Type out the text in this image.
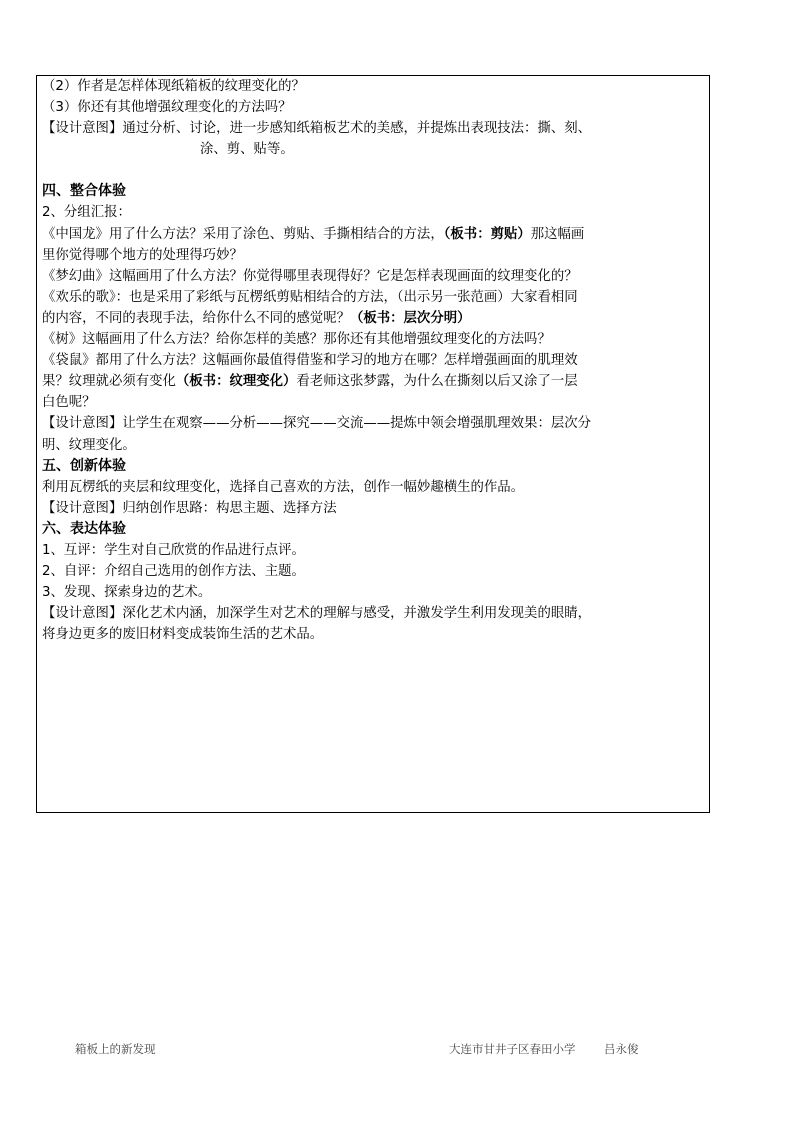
（2）作者是怎样体现纸箱板的纹理变化的？
（3）你还有其他增强纹理变化的方法吗？
【设计意图】通过分析、讨论，进一步感知纸箱板艺术的美感，并提炼出表现技法：撕、刻、
涂、剪、贴等。
四、整合体验
2、分组汇报：
《中国龙》用了什么方法？采用了涂色、剪贴、手撕相结合的方法，（板书：剪贴）那这幅画
里你觉得哪个地方的处理得巧妙？
《梦幻曲》这幅画用了什么方法？你觉得哪里表现得好？它是怎样表现画面的纹理变化的？
《欢乐的歌》：也是采用了彩纸与瓦楞纸剪贴相结合的方法，（出示另一张范画）大家看相同
的内容，不同的表现手法，给你什么不同的感觉呢？（板书：层次分明）
《树》这幅画用了什么方法？给你怎样的美感？那你还有其他增强纹理变化的方法吗？
《袋鼠》都用了什么方法？这幅画你最值得借鉴和学习的地方在哪？怎样增强画面的肌理效
果？纹理就必须有变化（板书：纹理变化）看老师这张梦露，为什么在撕刻以后又涂了一层
白色呢？
【设计意图】让学生在观察——分析——探究——交流——提炼中领会增强肌理效果：层次分
明、纹理变化。
五、创新体验
利用瓦楞纸的夹层和纹理变化，选择自己喜欢的方法，创作一幅妙趣横生的作品。
【设计意图】归纳创作思路：构思主题、选择方法
六、表达体验
1、互评：学生对自己欣赏的作品进行点评。
2、自评：介绍自己选用的创作方法、主题。
3、发现、探索身边的艺术。
【设计意图】深化艺术内涵，加深学生对艺术的理解与感受，并激发学生利用发现美的眼睛，
将身边更多的废旧材料变成装饰生活的艺术品。
箱板上的新发现	大连市甘井子区春田小学 吕永俊
